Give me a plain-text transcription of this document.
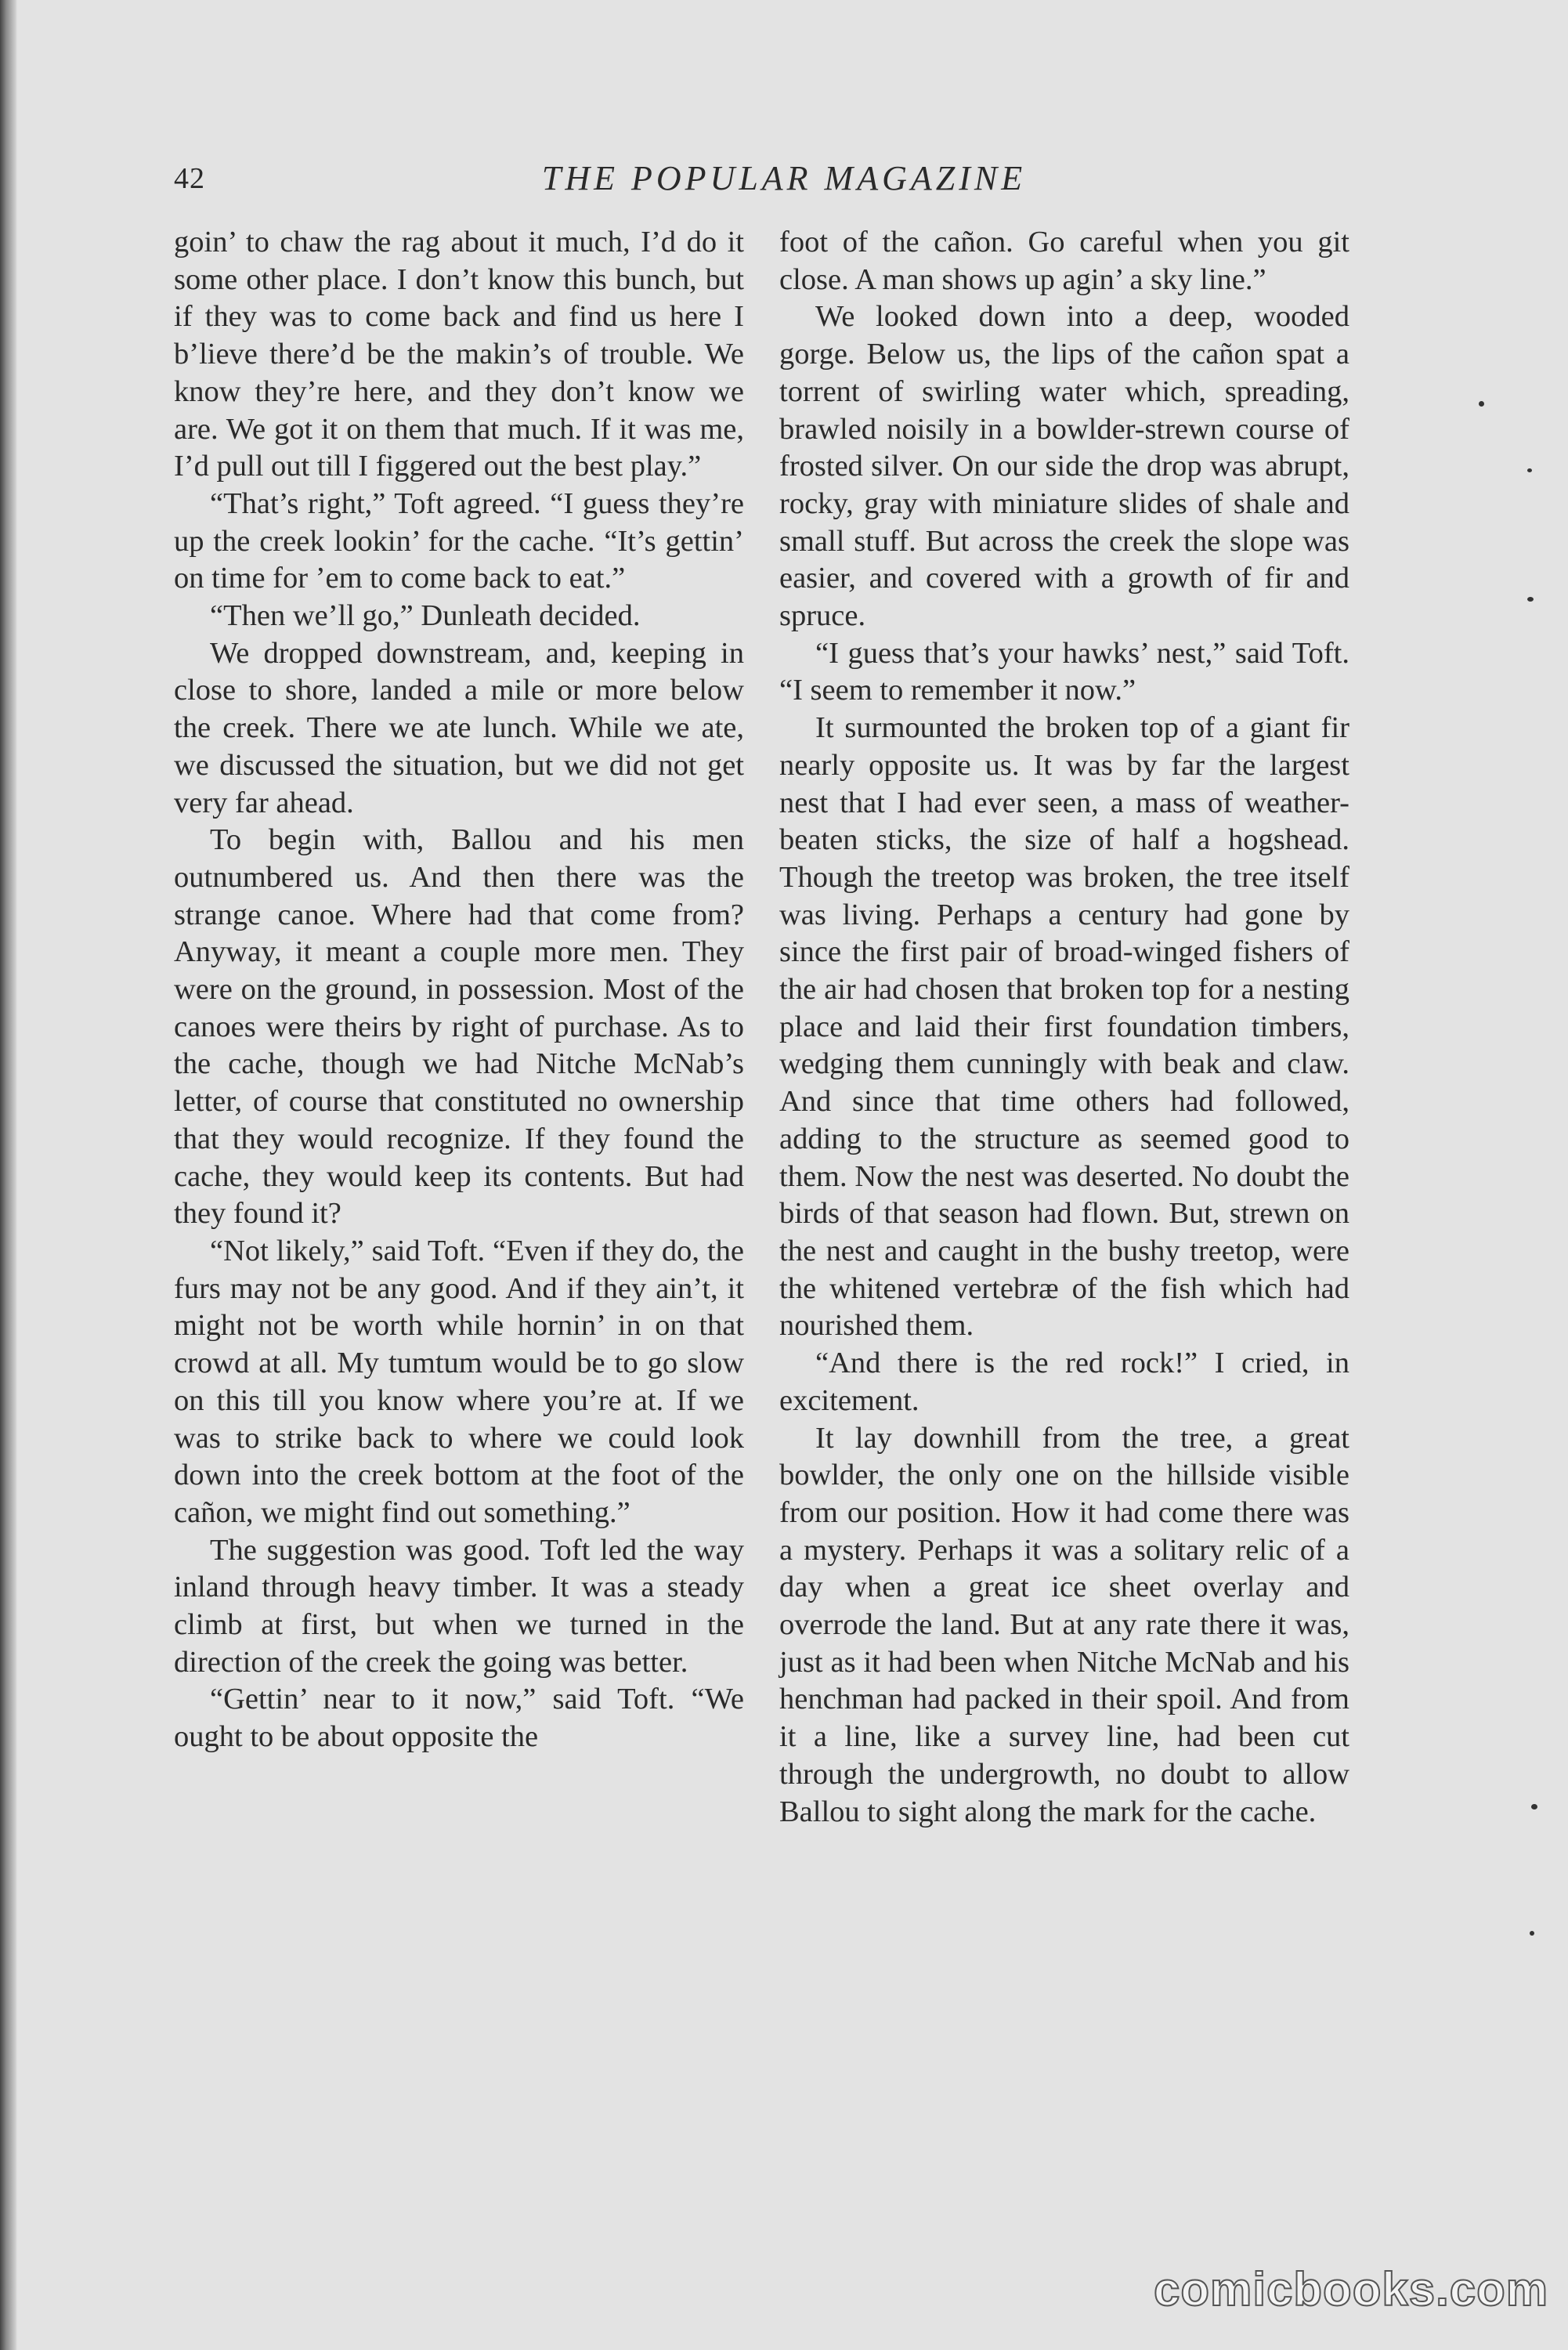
42	THE POPULAR MAGAZINE

goin’ to chaw the rag about it much, I’d do it some other place. I don’t know this bunch, but if they was to come back and find us here I b’lieve there’d be the makin’s of trouble. We know they’re here, and they don’t know we are. We got it on them that much. If it was me, I’d pull out till I figgered out the best play.”

“That’s right,” Toft agreed. “I guess they’re up the creek lookin’ for the cache. “It’s gettin’ on time for ’em to come back to eat.”

“Then we’ll go,” Dunleath decided.

We dropped downstream, and, keeping in close to shore, landed a mile or more below the creek. There we ate lunch. While we ate, we discussed the situation, but we did not get very far ahead.

To begin with, Ballou and his men outnumbered us. And then there was the strange canoe. Where had that come from? Anyway, it meant a couple more men. They were on the ground, in possession. Most of the canoes were theirs by right of purchase. As to the cache, though we had Nitche McNab’s letter, of course that constituted no ownership that they would recognize. If they found the cache, they would keep its contents. But had they found it?

“Not likely,” said Toft. “Even if they do, the furs may not be any good. And if they ain’t, it might not be worth while hornin’ in on that crowd at all. My tumtum would be to go slow on this till you know where you’re at. If we was to strike back to where we could look down into the creek bottom at the foot of the cañon, we might find out something.”

The suggestion was good. Toft led the way inland through heavy timber. It was a steady climb at first, but when we turned in the direction of the creek the going was better.

“Gettin’ near to it now,” said Toft. “We ought to be about opposite the

foot of the cañon. Go careful when you git close. A man shows up agin’ a sky line.”

We looked down into a deep, wooded gorge. Below us, the lips of the cañon spat a torrent of swirling water which, spreading, brawled noisily in a bowlder-strewn course of frosted silver. On our side the drop was abrupt, rocky, gray with miniature slides of shale and small stuff. But across the creek the slope was easier, and covered with a growth of fir and spruce.

“I guess that’s your hawks’ nest,” said Toft. “I seem to remember it now.”

It surmounted the broken top of a giant fir nearly opposite us. It was by far the largest nest that I had ever seen, a mass of weather-beaten sticks, the size of half a hogshead. Though the treetop was broken, the tree itself was living. Perhaps a century had gone by since the first pair of broad-winged fishers of the air had chosen that broken top for a nesting place and laid their first foundation timbers, wedging them cunningly with beak and claw. And since that time others had followed, adding to the structure as seemed good to them. Now the nest was deserted. No doubt the birds of that season had flown. But, strewn on the nest and caught in the bushy treetop, were the whitened vertebræ of the fish which had nourished them.

“And there is the red rock!” I cried, in excitement.

It lay downhill from the tree, a great bowlder, the only one on the hillside visible from our position. How it had come there was a mystery. Perhaps it was a solitary relic of a day when a great ice sheet overlay and overrode the land. But at any rate there it was, just as it had been when Nitche McNab and his henchman had packed in their spoil. And from it a line, like a survey line, had been cut through the undergrowth, no doubt to allow Ballou to sight along the mark for the cache.

comicbooks.com
